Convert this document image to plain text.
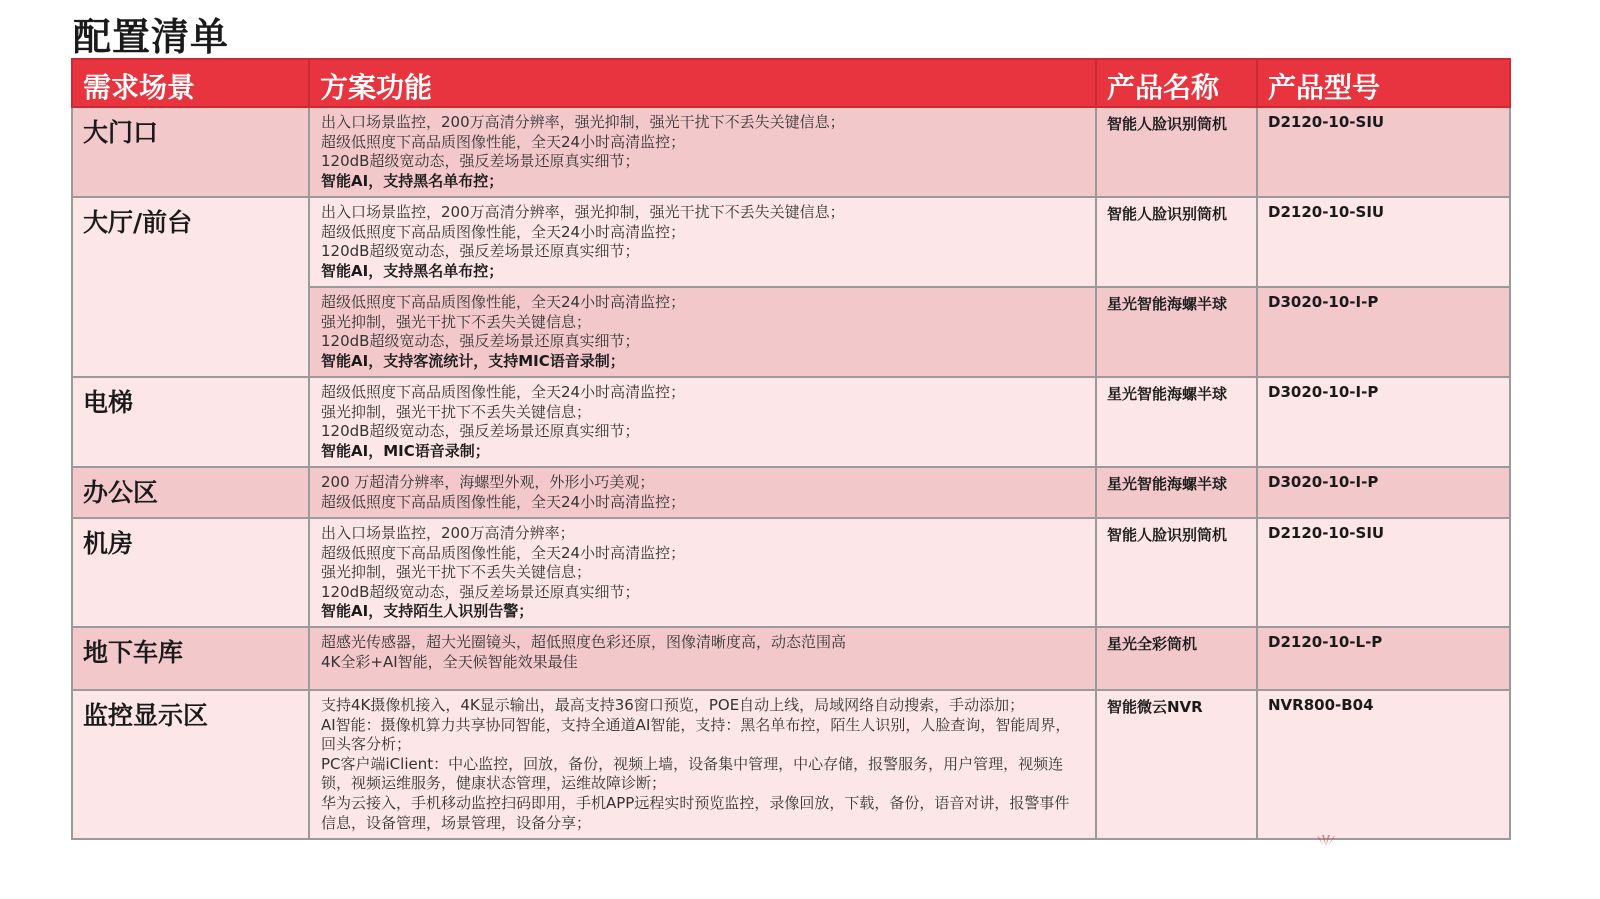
配置清单
需求场景	方案功能	产品名称	产品型号
大门口	出入口场景监控，200万高清分辨率，强光抑制，强光干扰下不丢失关键信息；
超级低照度下高品质图像性能，全天24小时高清监控；
120dB超级宽动态，强反差场景还原真实细节；
智能AI，支持黑名单布控；	智能人脸识别筒机	D2120-10-SIU
大厅/前台	出入口场景监控，200万高清分辨率，强光抑制，强光干扰下不丢失关键信息；
超级低照度下高品质图像性能，全天24小时高清监控；
120dB超级宽动态，强反差场景还原真实细节；
智能AI，支持黑名单布控；	智能人脸识别筒机	D2120-10-SIU

	超级低照度下高品质图像性能，全天24小时高清监控；
强光抑制，强光干扰下不丢失关键信息；
120dB超级宽动态，强反差场景还原真实细节；
智能AI，支持客流统计，支持MIC语音录制；	星光智能海螺半球	D3020-10-I-P
电梯	超级低照度下高品质图像性能，全天24小时高清监控；
强光抑制，强光干扰下不丢失关键信息；
120dB超级宽动态，强反差场景还原真实细节；
智能AI，MIC语音录制；	星光智能海螺半球	D3020-10-I-P
办公区	200 万超清分辨率，海螺型外观，外形小巧美观；
超级低照度下高品质图像性能，全天24小时高清监控；	星光智能海螺半球	D3020-10-I-P
机房	出入口场景监控，200万高清分辨率；
超级低照度下高品质图像性能，全天24小时高清监控；
强光抑制，强光干扰下不丢失关键信息；
120dB超级宽动态，强反差场景还原真实细节；
智能AI，支持陌生人识别告警；	智能人脸识别筒机	D2120-10-SIU
地下车库	超感光传感器，超大光圈镜头，超低照度色彩还原，图像清晰度高，动态范围高
4K全彩+AI智能，全天候智能效果最佳	星光全彩筒机	D2120-10-L-P
监控显示区	支持4K摄像机接入，4K显示输出，最高支持36窗口预览，POE自动上线，局域网络自动搜索，手动添加；
AI智能：摄像机算力共享协同智能，支持全通道AI智能，支持：黑名单布控，陌生人识别，人脸查询，智能周界，回头客分析；
PC客户端iClient：中心监控，回放，备份，视频上墙，设备集中管理，中心存储，报警服务，用户管理，视频连锁，视频运维服务，健康状态管理，运维故障诊断；
华为云接入，手机移动监控扫码即用，手机APP远程实时预览监控，录像回放，下载，备份，语音对讲，报警事件信息，设备管理，场景管理，设备分享；	智能微云NVR	NVR800-B04
